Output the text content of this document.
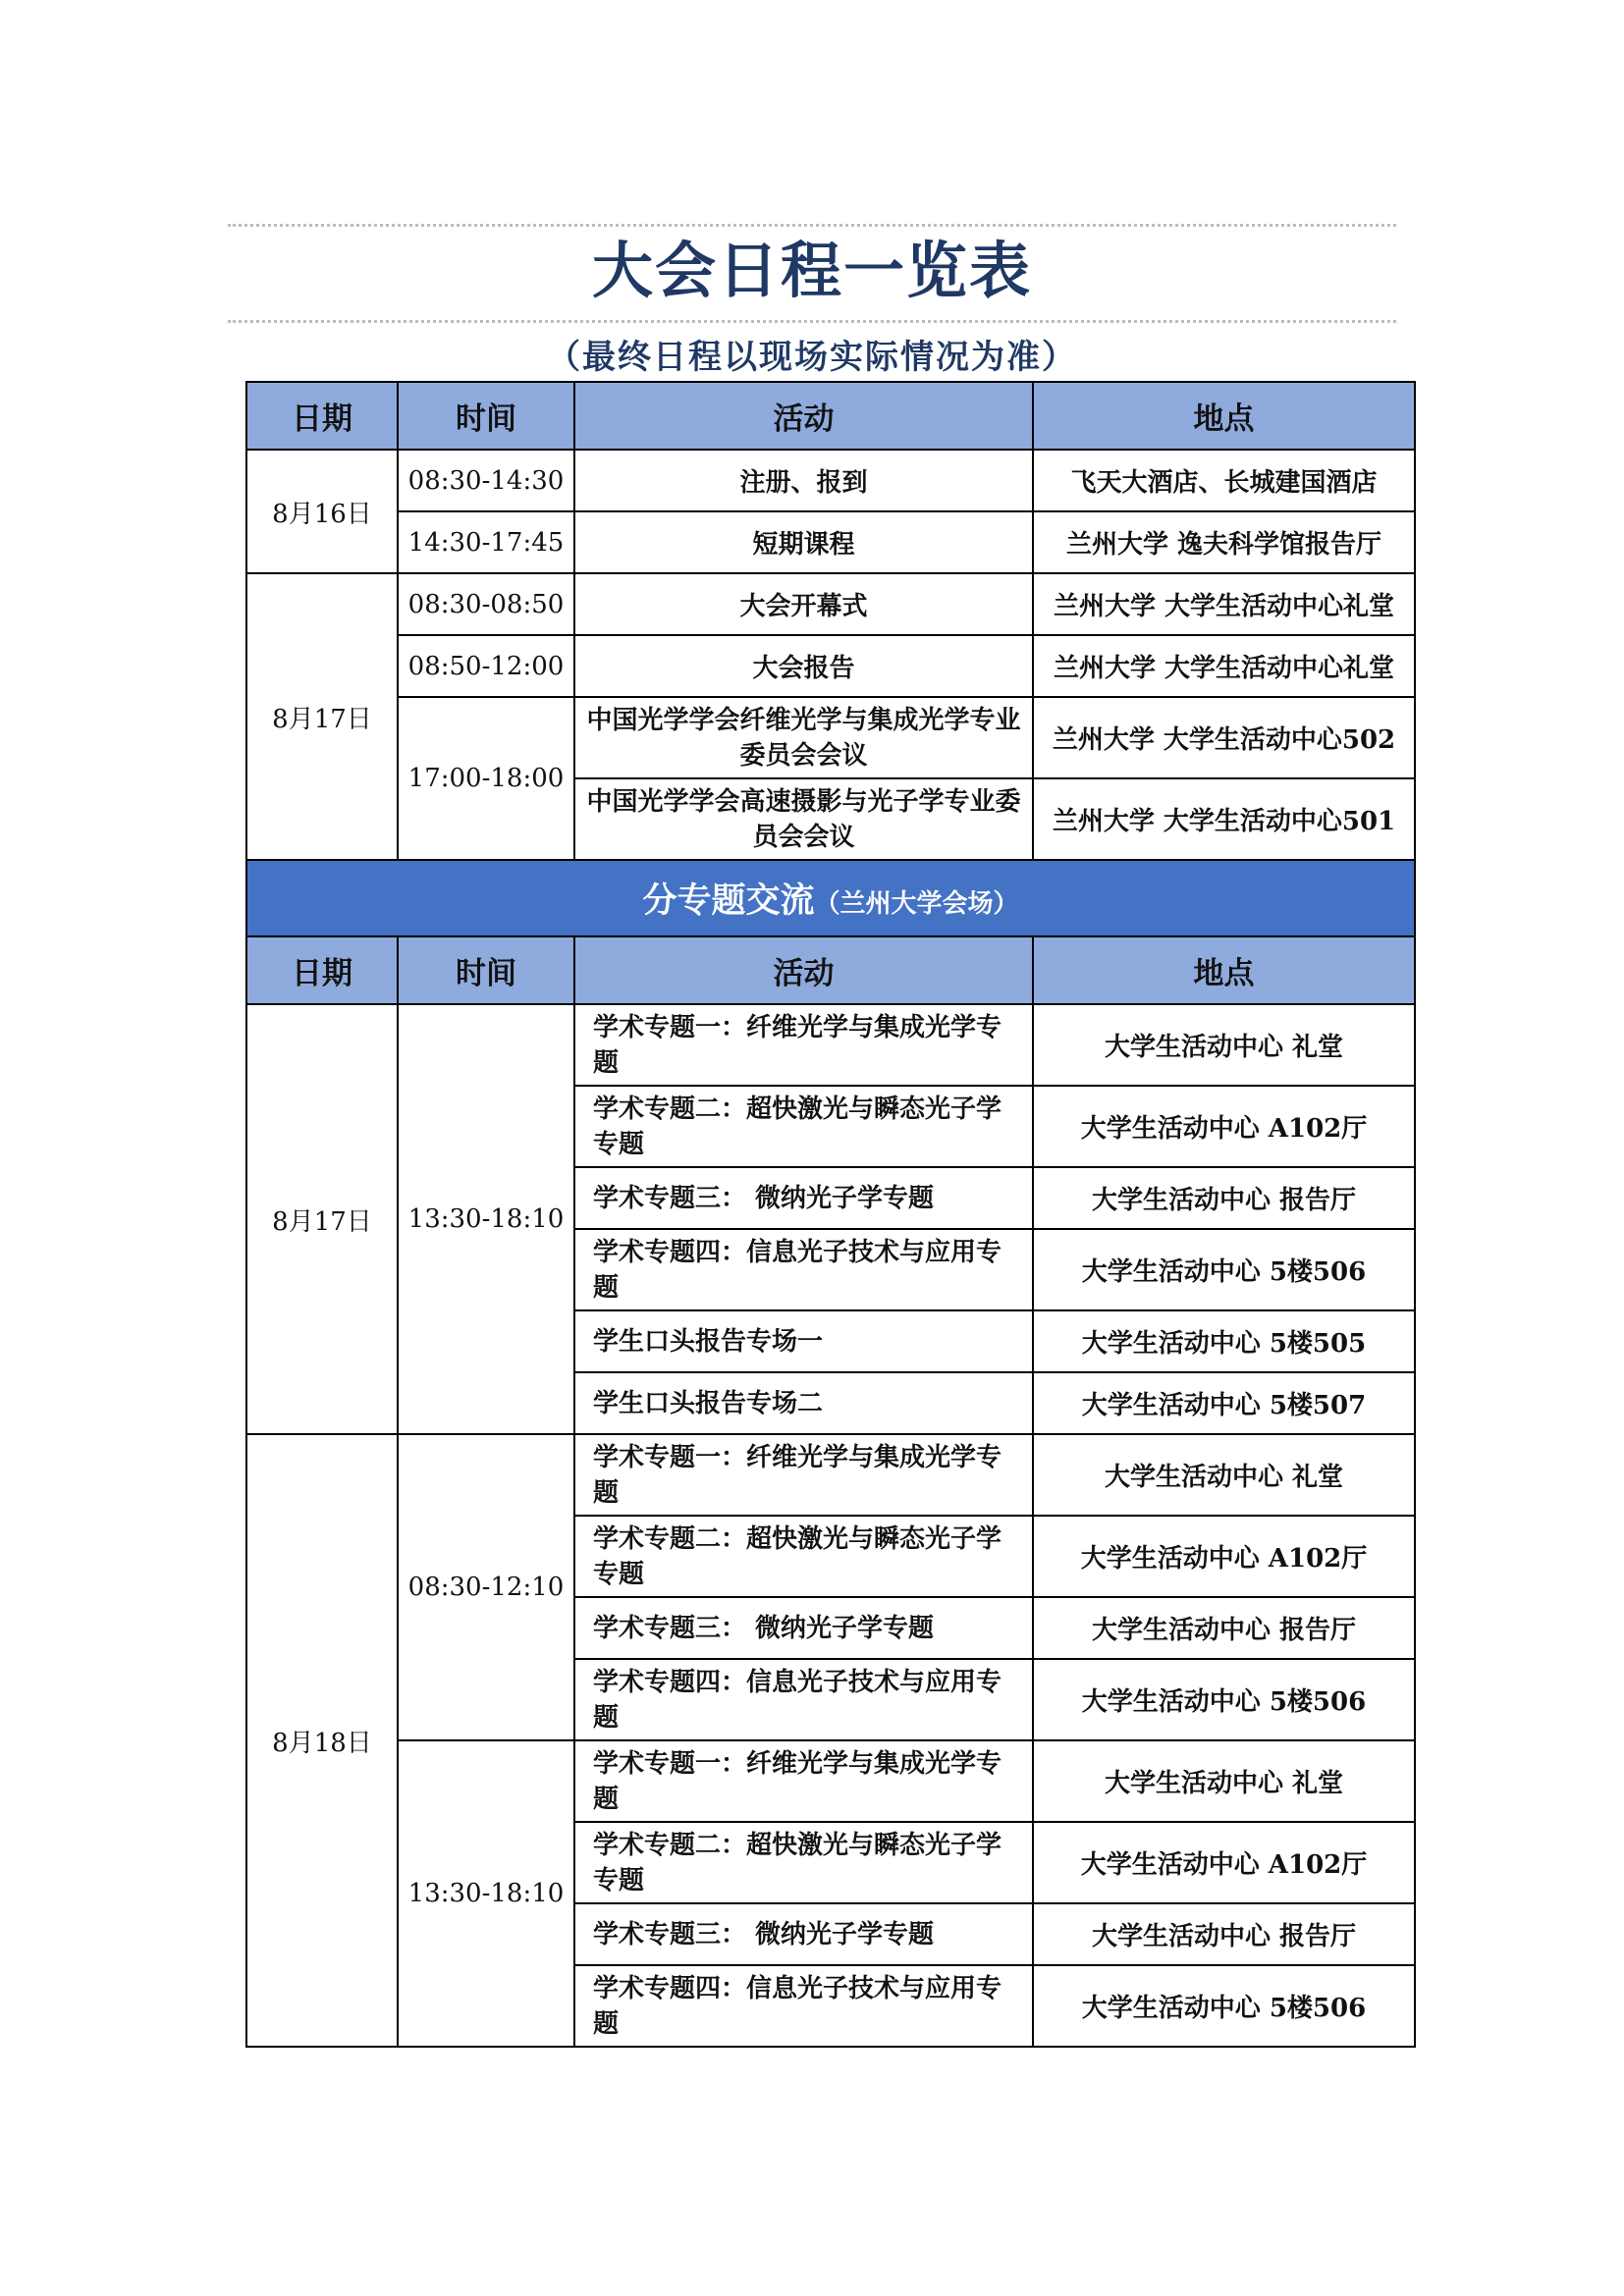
大会日程一览表

（最终日程以现场实际情况为准）

日期	时间	活动	地点
8月16日	08:30-14:30	注册、报到	飞天大酒店、长城建国酒店
	14:30-17:45	短期课程	兰州大学 逸夫科学馆报告厅
8月17日	08:30-08:50	大会开幕式	兰州大学 大学生活动中心礼堂
	08:50-12:00	大会报告	兰州大学 大学生活动中心礼堂
	17:00-18:00	中国光学学会纤维光学与集成光学专业委员会会议	兰州大学 大学生活动中心502
		中国光学学会高速摄影与光子学专业委员会会议	兰州大学 大学生活动中心501
分专题交流（兰州大学会场）			
日期	时间	活动	地点
8月17日	13:30-18:10	学术专题一：纤维光学与集成光学专题	大学生活动中心 礼堂
		学术专题二：超快激光与瞬态光子学专题	大学生活动中心 A102厅
		学术专题三： 微纳光子学专题	大学生活动中心 报告厅
		学术专题四：信息光子技术与应用专题	大学生活动中心 5楼506
		学生口头报告专场一	大学生活动中心 5楼505
		学生口头报告专场二	大学生活动中心 5楼507
8月18日	08:30-12:10	学术专题一：纤维光学与集成光学专题	大学生活动中心 礼堂
		学术专题二：超快激光与瞬态光子学专题	大学生活动中心 A102厅
		学术专题三： 微纳光子学专题	大学生活动中心 报告厅
		学术专题四：信息光子技术与应用专题	大学生活动中心 5楼506
	13:30-18:10	学术专题一：纤维光学与集成光学专题	大学生活动中心 礼堂
		学术专题二：超快激光与瞬态光子学专题	大学生活动中心 A102厅
		学术专题三： 微纳光子学专题	大学生活动中心 报告厅
		学术专题四：信息光子技术与应用专题	大学生活动中心 5楼506
